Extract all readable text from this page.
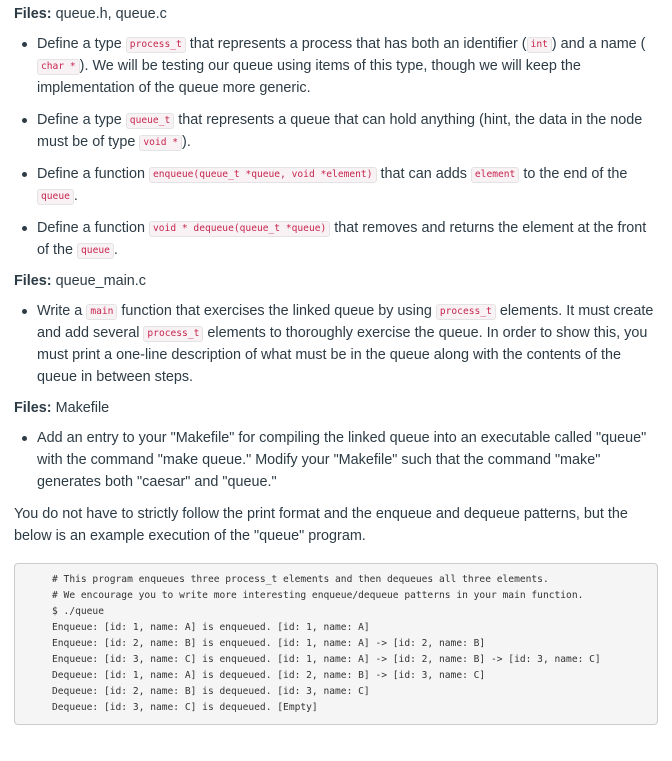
Files: queue.h, queue.c
Define a type process_t that represents a process that has both an identifier ( int ) and a name (char * ). We will be testing our queue using items of this type, though we will keep the implementation of the queue more generic.
Define a type queue_t that represents a queue that can hold anything (hint, the data in the node must be of type void * ).
Define a function enqueue(queue_t *queue, void *element) that can adds element to the end of the queue .
Define a function void * dequeue(queue_t *queue) that removes and returns the element at the front of the queue .
Files: queue_main.c
Write a main function that exercises the linked queue by using process_t elements. It must create and add several process_t elements to thoroughly exercise the queue. In order to show this, you must print a one-line description of what must be in the queue along with the contents of the queue in between steps.
Files: Makefile
Add an entry to your "Makefile" for compiling the linked queue into an executable called "queue" with the command "make queue." Modify your "Makefile" such that the command "make" generates both "caesar" and "queue."

You do not have to strictly follow the print format and the enqueue and dequeue patterns, but the below is an example execution of the "queue" program.

# This program enqueues three process_t elements and then dequeues all three elements.
# We encourage you to write more interesting enqueue/dequeue patterns in your main function.
$ ./queue
Enqueue: [id: 1, name: A] is enqueued. [id: 1, name: A]
Enqueue: [id: 2, name: B] is enqueued. [id: 1, name: A] -> [id: 2, name: B]
Enqueue: [id: 3, name: C] is enqueued. [id: 1, name: A] -> [id: 2, name: B] -> [id: 3, name: C]
Dequeue: [id: 1, name: A] is dequeued. [id: 2, name: B] -> [id: 3, name: C]
Dequeue: [id: 2, name: B] is dequeued. [id: 3, name: C]
Dequeue: [id: 3, name: C] is dequeued. [Empty]
